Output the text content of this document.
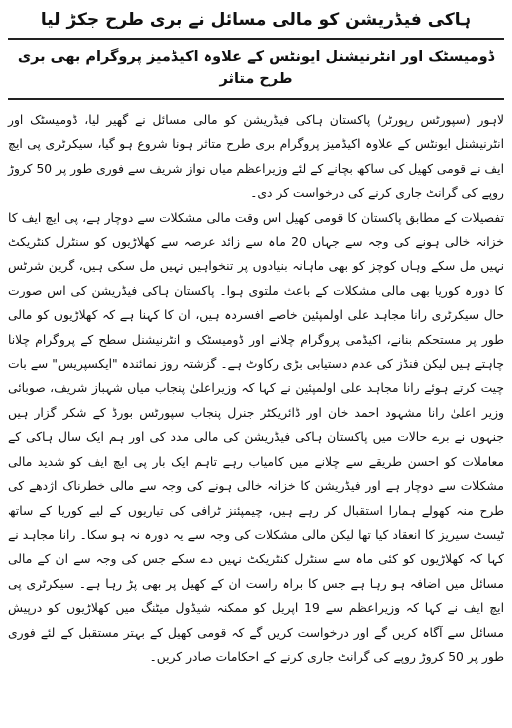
ہاکی فیڈریشن کو مالی مسائل نے بری طرح جکڑ لیا
ڈومیسٹک اور انٹرنیشنل ایونٹس کے علاوہ اکیڈمیز پروگرام بھی بری طرح متاثر

لاہور (سپورٹس رپورٹر) پاکستان ہاکی فیڈریشن کو مالی مسائل نے گھیر لیا، ڈومیسٹک اور انٹرنیشنل ایونٹس کے علاوہ اکیڈمیز پروگرام بری طرح متاثر ہونا شروع ہو گیا، سیکرٹری پی ایچ ایف نے قومی کھیل کی ساکھ بچانے کے لئے وزیراعظم میاں نواز شریف سے فوری طور پر 50 کروڑ روپے کی گرانٹ جاری کرنے کی درخواست کر دی۔

تفصیلات کے مطابق پاکستان کا قومی کھیل اس وقت مالی مشکلات سے دوچار ہے، پی ایچ ایف کا خزانہ خالی ہونے کی وجہ سے جہاں 20 ماہ سے زائد عرصہ سے کھلاڑیوں کو سنٹرل کنٹریکٹ نہیں مل سکے وہاں کوچز کو بھی ماہانہ بنیادوں پر تنخواہیں نہیں مل سکی ہیں، گرین شرٹس کا دورہ کوریا بھی مالی مشکلات کے باعث ملتوی ہوا۔ پاکستان ہاکی فیڈریشن کی اس صورت حال سیکرٹری رانا مجاہد علی اولمپئین خاصے افسردہ ہیں، ان کا کہنا ہے کہ کھلاڑیوں کو مالی طور پر مستحکم بنانے، اکیڈمی پروگرام چلانے اور ڈومیسٹک و انٹرنیشنل سطح کے پروگرام چلانا چاہتے ہیں لیکن فنڈز کی عدم دستیابی بڑی رکاوٹ ہے۔ گزشتہ روز نمائندہ "ایکسپریس" سے بات چیت کرتے ہوئے رانا مجاہد علی اولمپئین نے کہا کہ وزیراعلیٰ پنجاب میاں شہباز شریف، صوبائی وزیر اعلیٰ رانا مشہود احمد خان اور ڈائریکٹر جنرل پنجاب سپورٹس بورڈ کے شکر گزار ہیں جنہوں نے برے حالات میں پاکستان ہاکی فیڈریشن کی مالی مدد کی اور ہم ایک سال ہاکی کے معاملات کو احسن طریقے سے چلانے میں کامیاب رہے تاہم ایک بار پی ایچ ایف کو شدید مالی مشکلات سے دوچار ہے اور فیڈریشن کا خزانہ خالی ہونے کی وجہ سے مالی خطرناک اژدھے کی طرح منہ کھولے ہمارا استقبال کر رہے ہیں، چیمپئنز ٹرافی کی تیاریوں کے لیے کوریا کے ساتھ ٹیسٹ سیریز کا انعقاد کیا تھا لیکن مالی مشکلات کی وجہ سے یہ دورہ نہ ہو سکا۔ رانا مجاہد نے کہا کہ کھلاڑیوں کو کئی ماہ سے سنٹرل کنٹریکٹ نہیں دے سکے جس کی وجہ سے ان کے مالی مسائل میں اضافہ ہو رہا ہے جس کا براہ راست ان کے کھیل پر بھی پڑ رہا ہے۔ سیکرٹری پی ایچ ایف نے کہا کہ وزیراعظم سے 19 اپریل کو ممکنہ شیڈول میٹنگ میں کھلاڑیوں کو درپیش مسائل سے آگاہ کریں گے اور درخواست کریں گے کہ قومی کھیل کے بہتر مستقبل کے لئے فوری طور پر 50 کروڑ روپے کی گرانٹ جاری کرنے کے احکامات صادر کریں۔
